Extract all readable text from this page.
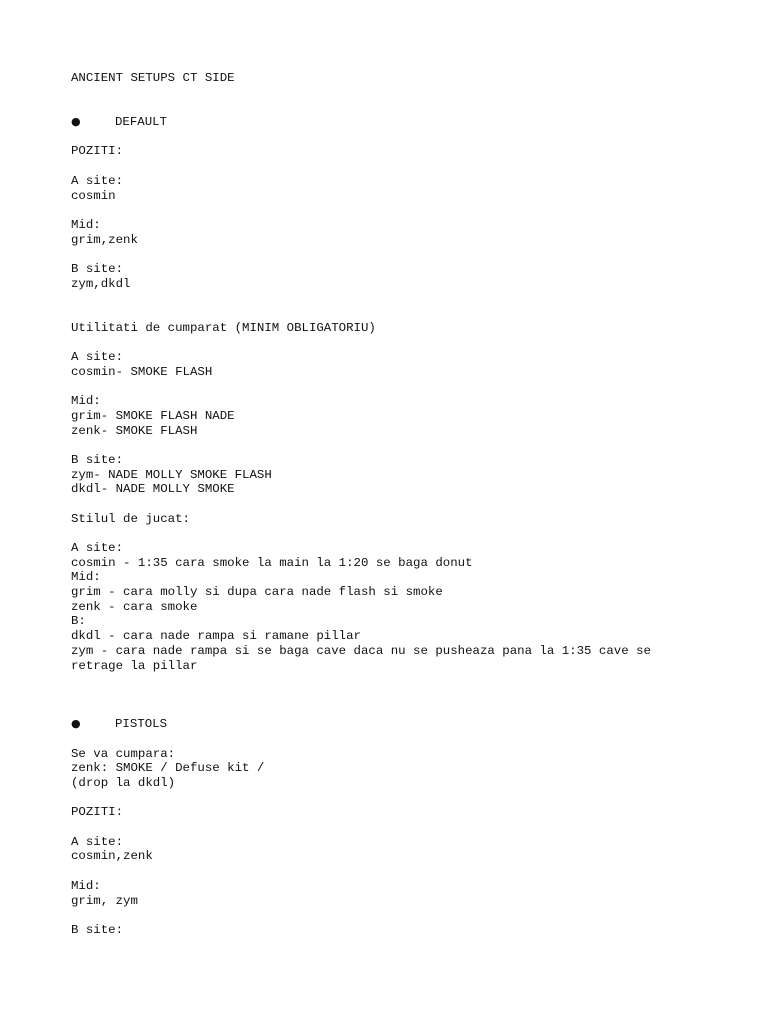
ANCIENT SETUPS CT SIDE
●	DEFAULT
POZITI:
A site:
cosmin
Mid:
grim,zenk
B site:
zym,dkdl
Utilitati de cumparat (MINIM OBLIGATORIU)
A site:
cosmin- SMOKE FLASH
Mid:
grim- SMOKE FLASH NADE
zenk- SMOKE FLASH
B site:
zym- NADE MOLLY SMOKE FLASH
dkdl- NADE MOLLY SMOKE
Stilul de jucat:
A site:
cosmin - 1:35 cara smoke la main la 1:20 se baga donut
Mid:
grim - cara molly si dupa cara nade flash si smoke
zenk - cara smoke
B:
dkdl - cara nade rampa si ramane pillar
zym - cara nade rampa si se baga cave daca nu se pusheaza pana la 1:35 cave se
retrage la pillar
●	PISTOLS
Se va cumpara:
zenk: SMOKE / Defuse kit /
(drop la dkdl)
POZITI:
A site:
cosmin,zenk
Mid:
grim, zym
B site:
